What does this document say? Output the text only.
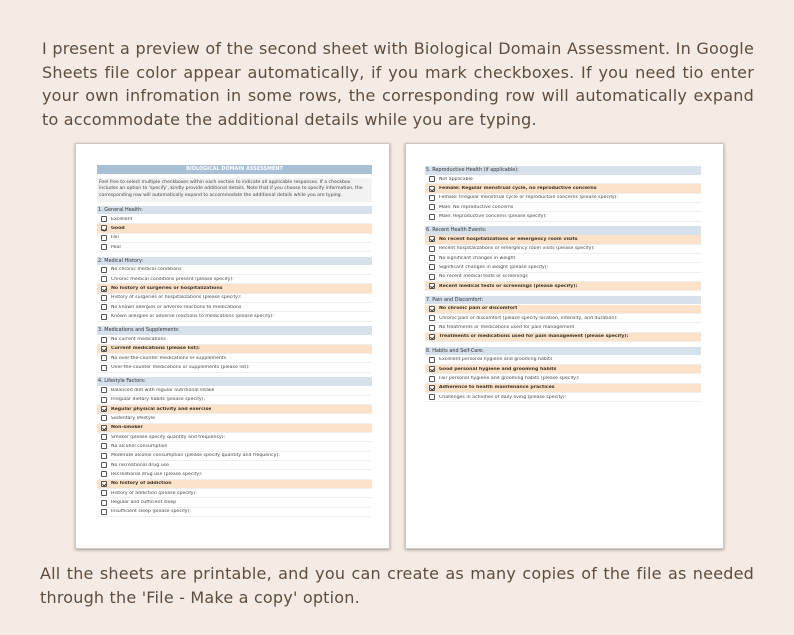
I present a preview of the second sheet with Biological Domain Assessment. In Google Sheets file color appear automatically, if you mark checkboxes. If you need tio enter your own infromation in some rows, the corresponding row will automatically expand to accommodate the additional details while you are typing.
BIOLOGICAL DOMAIN ASSESSMENT
Feel free to select multiple checkboxes within each section to indicate all applicable responses. If a checkbox includes an option to 'specify', kindly provide additional details. Note that if you choose to specify information, the corresponding row will automatically expand to accommodate the additional details while you are typing.
1. General Health:
Excellent
Good
Fair
Poor
2. Medical History:
No chronic medical conditions
Chronic medical conditions present (please specify):
No history of surgeries or hospitalizations
History of surgeries or hospitalizations (please specify):
No known allergies or adverse reactions to medications
Known allergies or adverse reactions to medications (please specify):
3. Medications and Supplements:
No current medications
Current medications (please list):
No over-the-counter medications or supplements
Over-the-counter medications or supplements (please list):
4. Lifestyle Factors:
Balanced diet with regular nutritional intake
Irregular dietary habits (please specify):
Regular physical activity and exercise
Sedentary lifestyle
Non-smoker
Smoker (please specify quantity and frequency):
No alcohol consumption
Moderate alcohol consumption (please specify quantity and frequency):
No recreational drug use
Recreational drug use (please specify):
No history of addiction
History of addiction (please specify):
Regular and sufficient sleep
Insufficient sleep (please specify):
5. Reproductive Health (if applicable):
Not applicable
Female: Regular menstrual cycle, no reproductive concerns
Female: Irregular menstrual cycle or reproductive concerns (please specify):
Male: No reproductive concerns
Male: Reproductive concerns (please specify):
6. Recent Health Events:
No recent hospitalizations or emergency room visits
Recent hospitalizations or emergency room visits (please specify):
No significant changes in weight
Significant changes in weight (please specify):
No recent medical tests or screenings
Recent medical tests or screenings (please specify):
7. Pain and Discomfort:
No chronic pain or discomfort
Chronic pain or discomfort (please specify location, intensity, and duration):
No treatments or medications used for pain management
Treatments or medications used for pain management (please specify):
8. Habits and Self-Care:
Excellent personal hygiene and grooming habits
Good personal hygiene and grooming habits
Fair personal hygiene and grooming habits (please specify):
Adherence to health maintenance practices
Challenges in activities of daily living (please specify):
All the sheets are printable, and you can create as many copies of the file as needed through the 'File - Make a copy' option.
